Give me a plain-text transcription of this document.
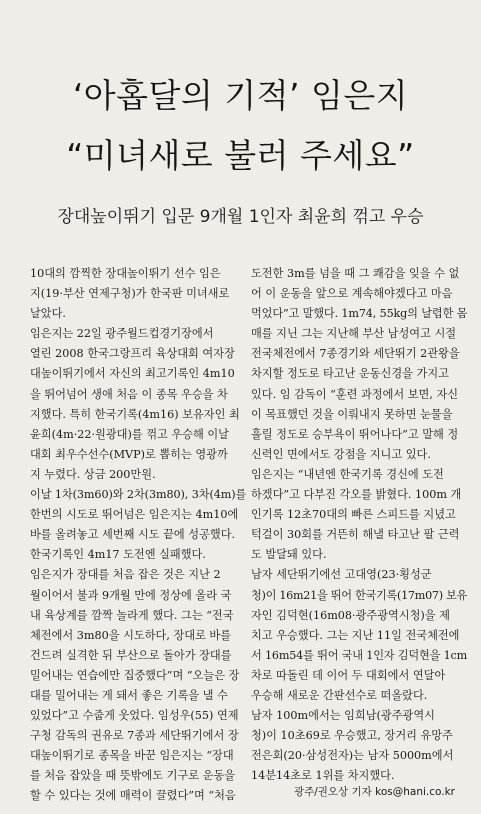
‘아홉달의 기적’ 임은지
“미녀새로 불러 주세요”
장대높이뛰기 입문 9개월 1인자 최윤희 꺾고 우승

10대의 깜찍한 장대높이뛰기 선수 임은
지(19·부산 연제구청)가 한국판 미녀새로
날았다.

임은지는 22일 광주월드컵경기장에서
열린 2008 한국그랑프리 육상대회 여자장
대높이뛰기에서 자신의 최고기록인 4m10
을 뛰어넘어 생애 처음 이 종목 우승을 차
지했다. 특히 한국기록(4m16) 보유자인 최
윤희(4m·22·원광대)를 꺾고 우승해 이날
대회 최우수선수(MVP)로 뽑히는 영광까
지 누렸다. 상금 200만원.

이날 1차(3m60)와 2차(3m80), 3차(4m)를
한번의 시도로 뛰어넘은 임은지는 4m10에
바를 올려놓고 세번째 시도 끝에 성공했다.
한국기록인 4m17 도전엔 실패했다.

임은지가 장대를 처음 잡은 것은 지난 2
월이어서 불과 9개월 만에 정상에 올라 국
내 육상계를 깜짝 놀라게 했다. 그는 “전국
체전에서 3m80을 시도하다, 장대로 바를
건드려 실격한 뒤 부산으로 돌아가 장대를
밀어내는 연습에만 집중했다”며 “오늘은 장
대를 밀어내는 게 돼서 좋은 기록을 낼 수
있었다”고 수줍게 웃었다. 임성우(55) 연제
구청 감독의 권유로 7종과 세단뛰기에서 장
대높이뛰기로 종목을 바꾼 임은지는 “장대
를 처음 잡았을 때 뜻밖에도 기구로 운동을
할 수 있다는 것에 매력이 끌렸다”며 “처음

도전한 3m를 넘을 때 그 쾌감을 잊을 수 없
어 이 운동을 앞으로 계속해야겠다고 마음
먹었다”고 말했다. 1m74, 55kg의 날렵한 몸
매를 지닌 그는 지난해 부산 남성여고 시절
전국체전에서 7종경기와 세단뛰기 2관왕을
차지할 정도로 타고난 운동신경을 가지고
있다. 임 감독이 “훈련 과정에서 보면, 자신
이 목표했던 것을 이뤄내지 못하면 눈물을
흘릴 정도로 승부욕이 뛰어나다”고 말해 정
신력인 면에서도 강점을 지니고 있다.

임은지는 “내년엔 한국기록 경신에 도전
하겠다”고 다부진 각오를 밝혔다. 100m 개
인기록 12초70대의 빠른 스피드를 지녔고
턱걸이 30회를 거뜬히 해낼 타고난 팔 근력
도 발달돼 있다.

남자 세단뛰기에선 고대영(23·횡성군
청)이 16m21을 뛰어 한국기록(17m07) 보유
자인 김덕현(16m08·광주광역시청)을 제
치고 우승했다. 그는 지난 11일 전국체전에
서 16m54를 뛰어 국내 1인자 김덕현을 1cm
차로 따돌린 데 이어 두 대회에서 연달아
우승해 새로운 간판선수로 떠올랐다.

남자 100m에서는 임희남(광주광역시
청)이 10초69로 우승했고, 장거리 유망주
전은회(20·삼성전자)는 남자 5000m에서
14분14초로 1위를 차지했다.

광주/권오상 기자 kos@hani.co.kr
